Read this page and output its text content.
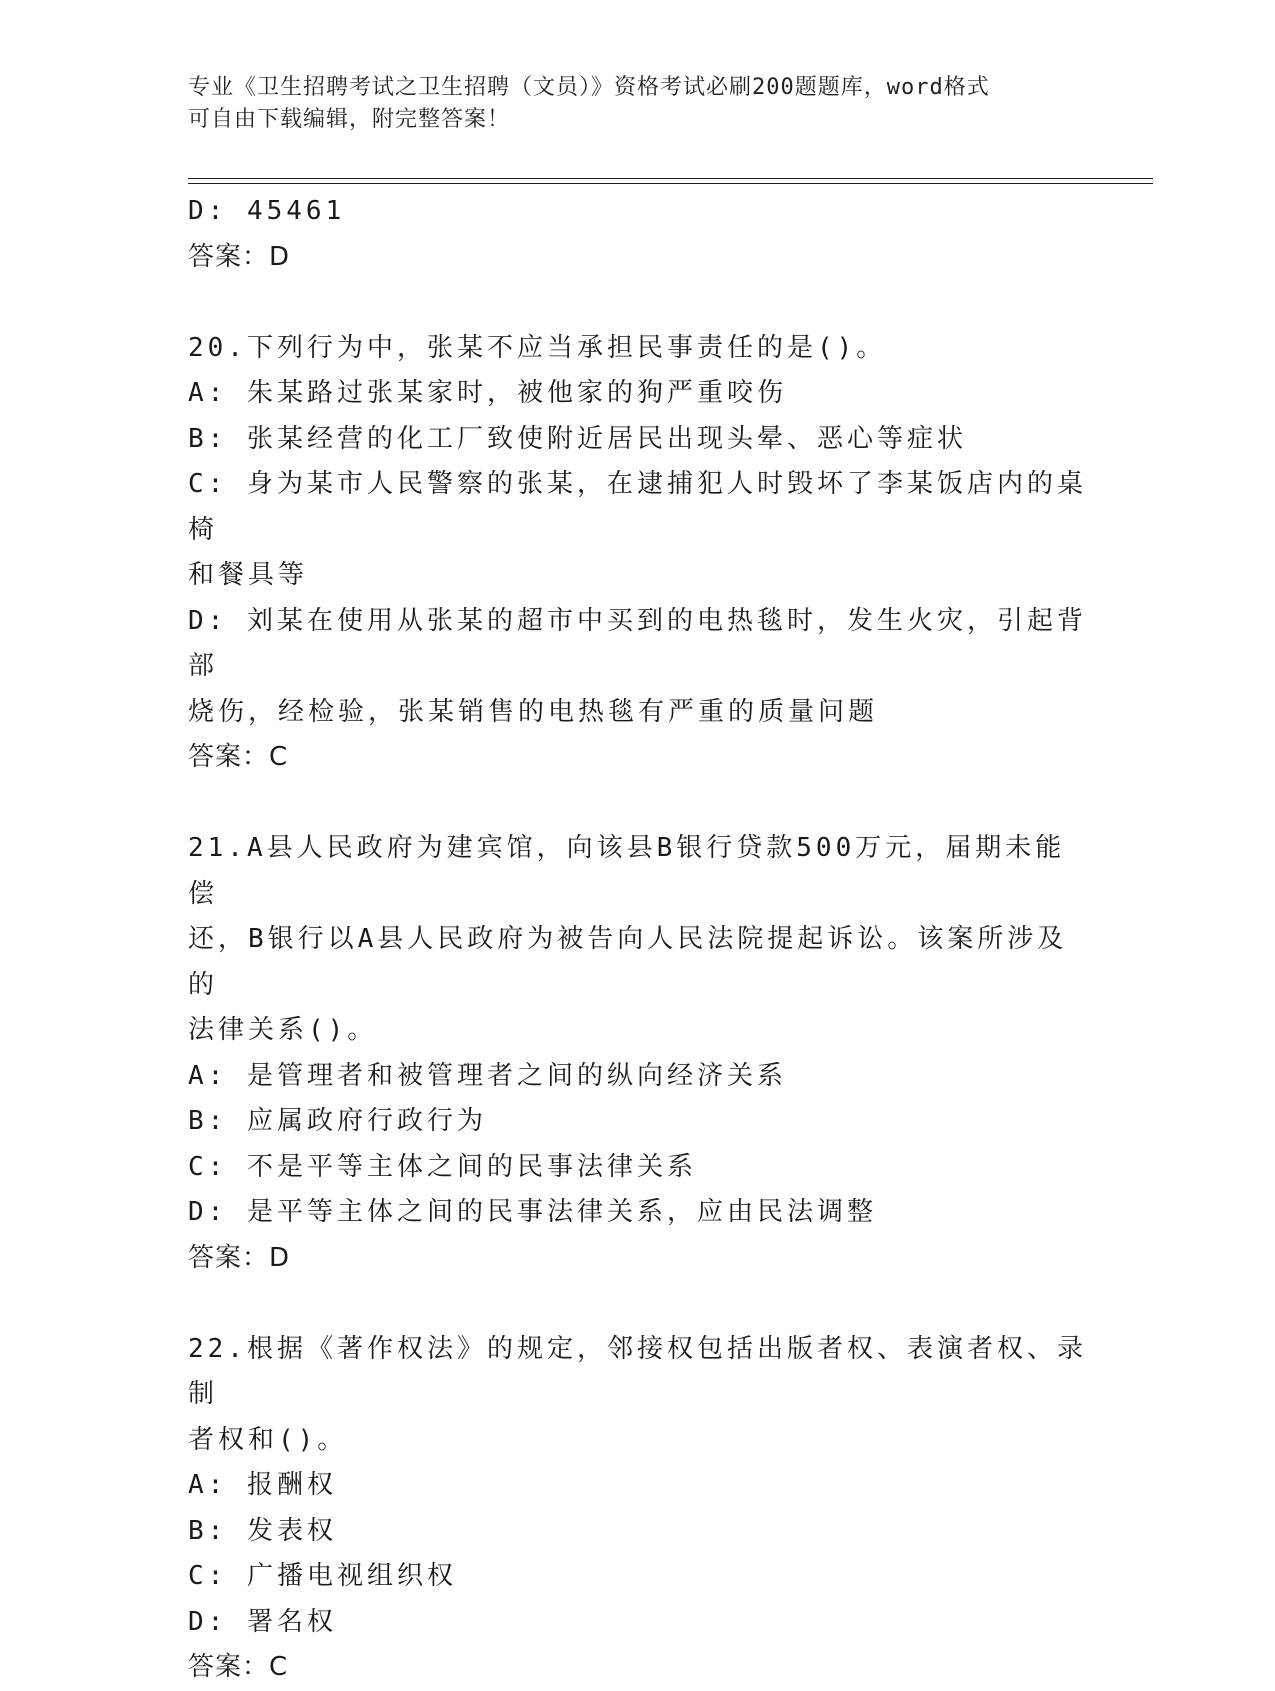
专业《卫生招聘考试之卫生招聘（文员）》资格考试必刷200题题库，word格式
可自由下载编辑，附完整答案！
D: 45461
答案：D
20.下列行为中，张某不应当承担民事责任的是()。
A: 朱某路过张某家时，被他家的狗严重咬伤
B: 张某经营的化工厂致使附近居民出现头晕、恶心等症状
C: 身为某市人民警察的张某，在逮捕犯人时毁坏了李某饭店内的桌椅
和餐具等
D: 刘某在使用从张某的超市中买到的电热毯时，发生火灾，引起背部
烧伤，经检验，张某销售的电热毯有严重的质量问题
答案：C
21.A县人民政府为建宾馆，向该县B银行贷款500万元，届期未能偿
还，B银行以A县人民政府为被告向人民法院提起诉讼。该案所涉及的
法律关系()。
A: 是管理者和被管理者之间的纵向经济关系
B: 应属政府行政行为
C: 不是平等主体之间的民事法律关系
D: 是平等主体之间的民事法律关系，应由民法调整
答案：D
22.根据《著作权法》的规定，邻接权包括出版者权、表演者权、录制
者权和()。
A: 报酬权
B: 发表权
C: 广播电视组织权
D: 署名权
答案：C
